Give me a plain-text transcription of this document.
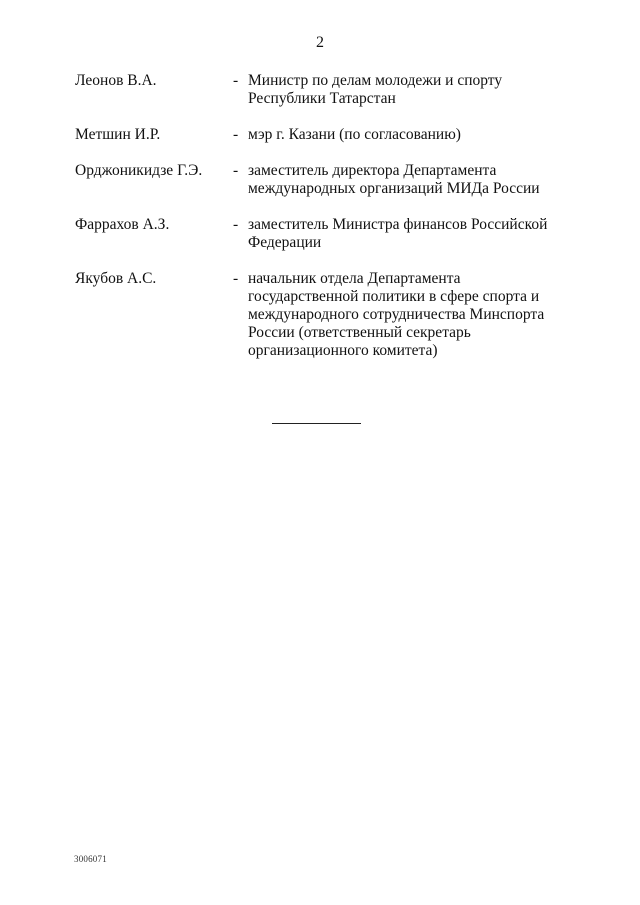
2
Леонов В.А.	- Министр по делам молодежи и спорту
Республики Татарстан
Метшин И.Р.	- мэр г. Казани (по согласованию)
Орджоникидзе Г.Э. - заместитель директора Департамента
международных организаций МИДа России
Фаррахов А.З.	- заместитель Министра финансов Российской
Федерации
Якубов А.С.	- начальник отдела Департамента
государственной политики в сфере спорта и
международного сотрудничества Минспорта
России (ответственный секретарь
организационного комитета)
3006071
